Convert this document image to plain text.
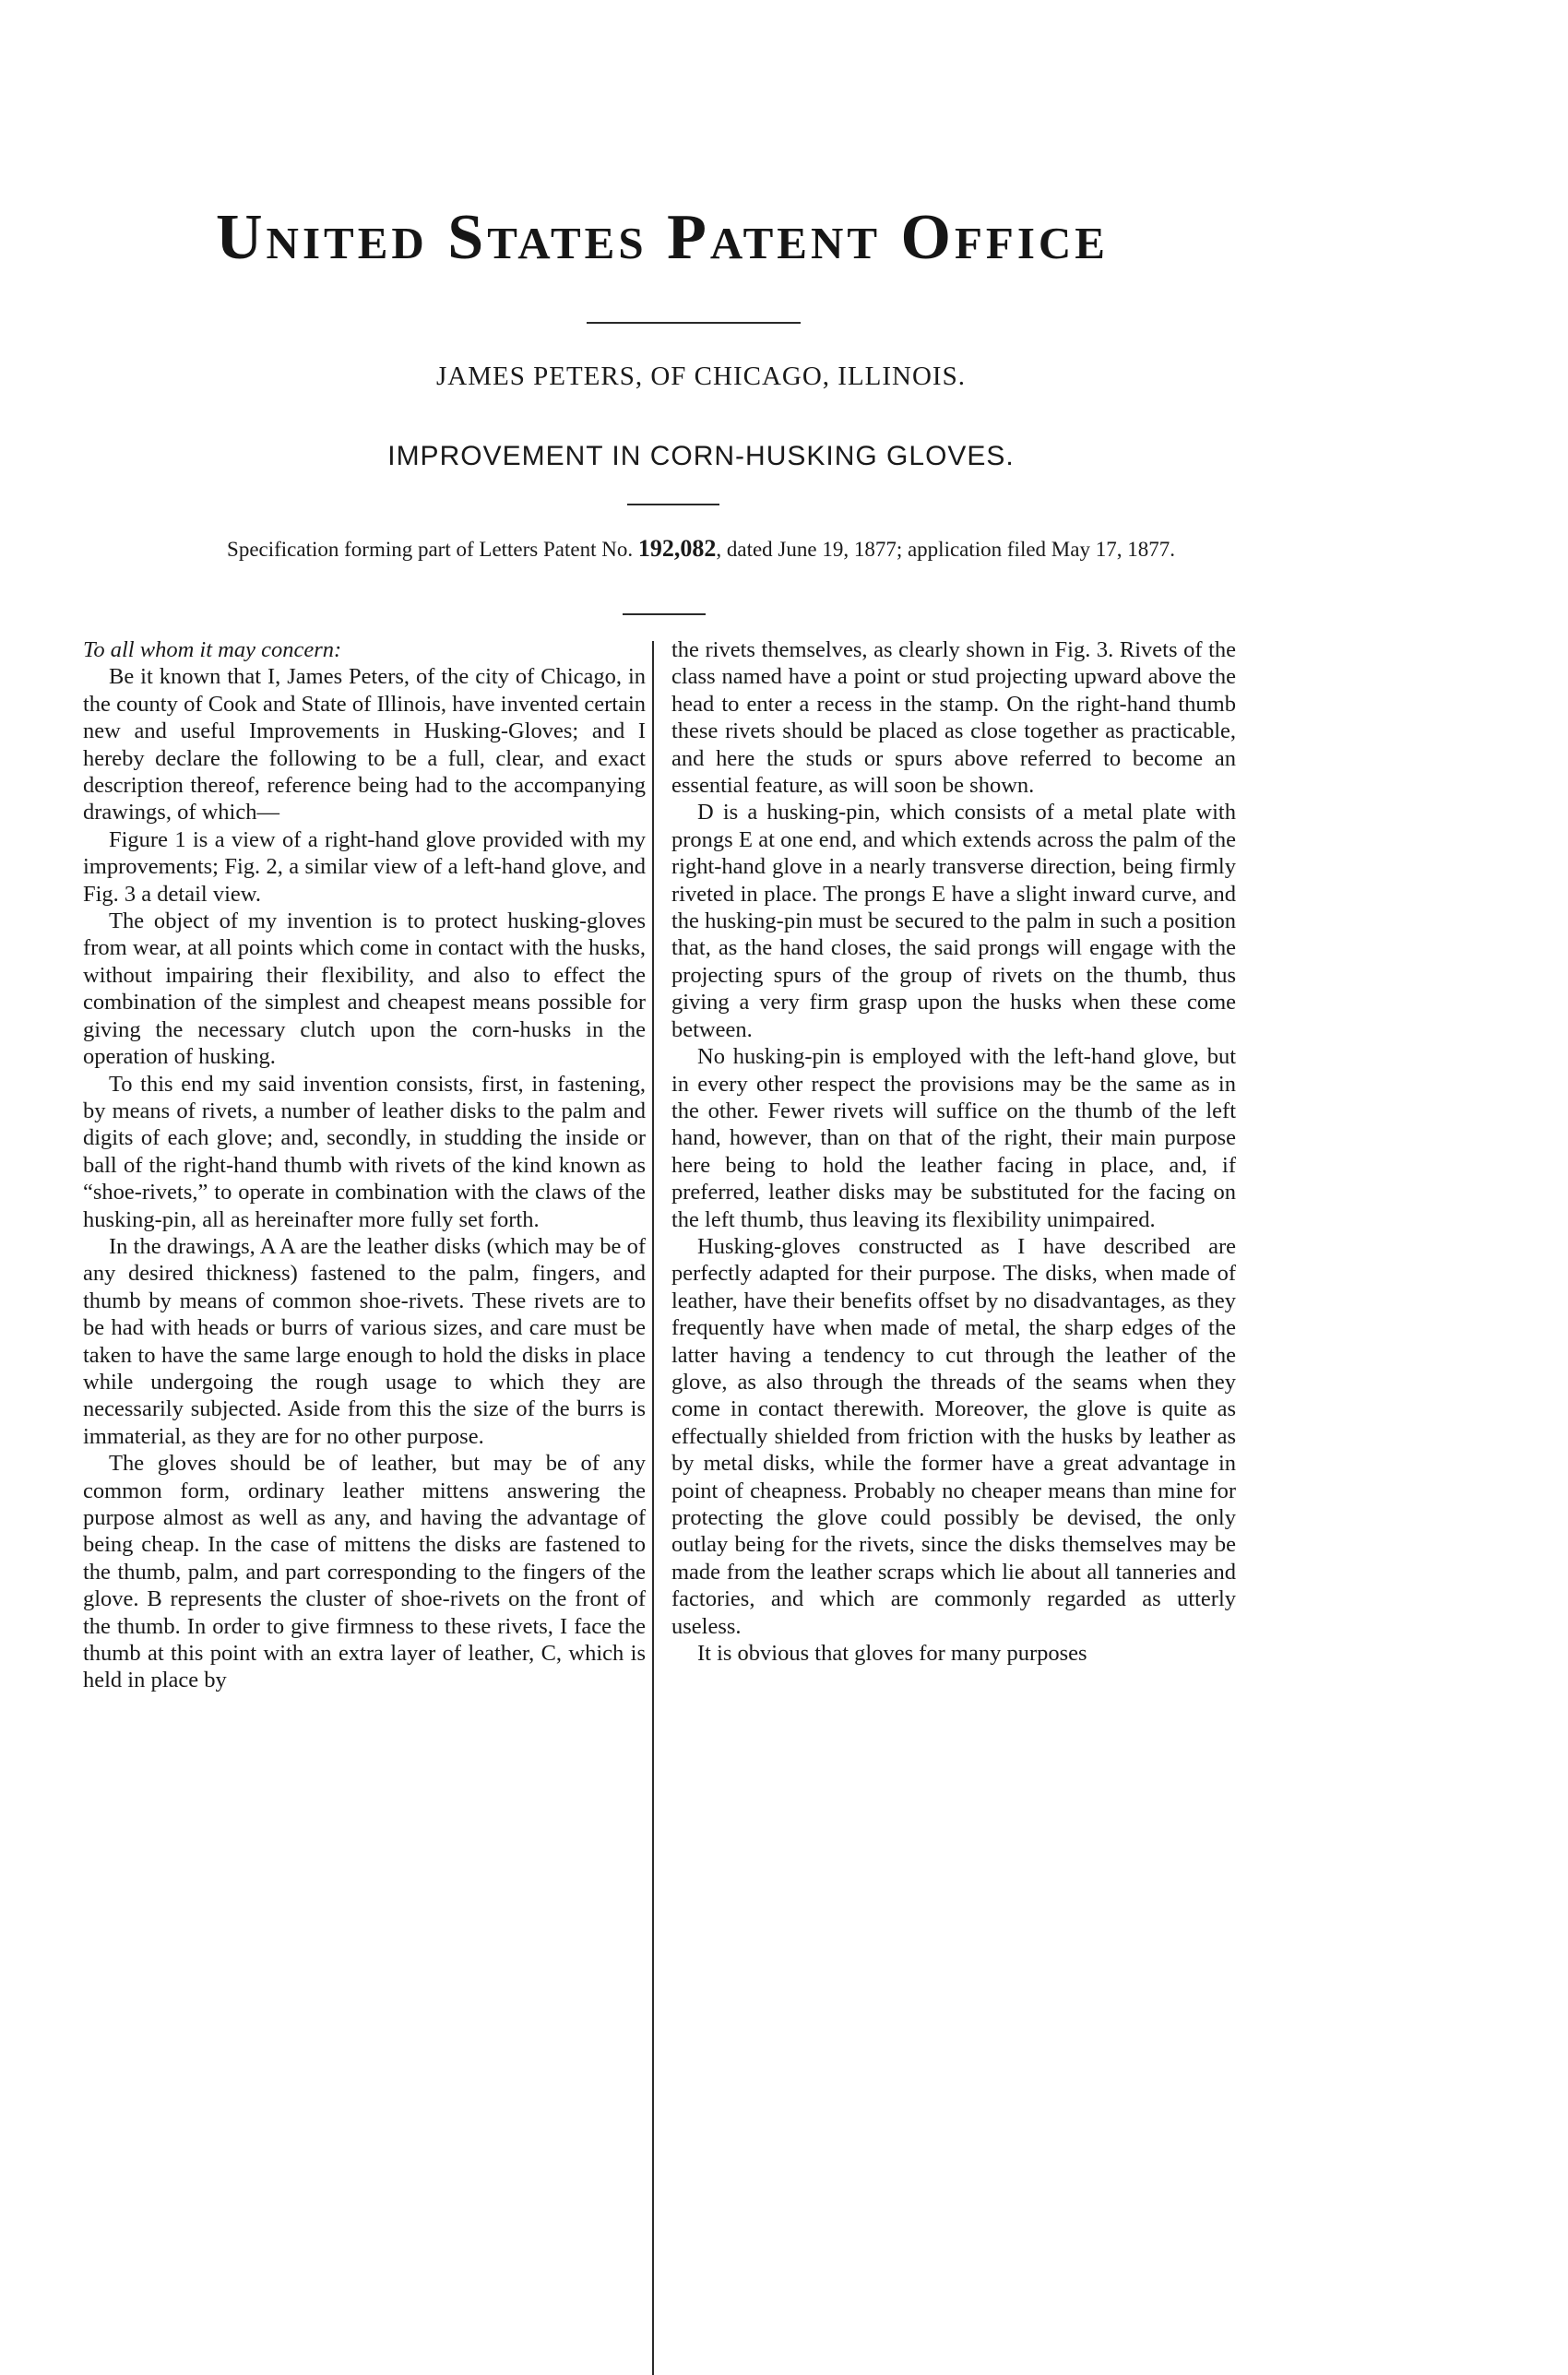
United States Patent Office
JAMES PETERS, OF CHICAGO, ILLINOIS.
IMPROVEMENT IN CORN-HUSKING GLOVES.
Specification forming part of Letters Patent No. 192,082, dated June 19, 1877; application filed May 17, 1877.

To all whom it may concern:

Be it known that I, James Peters, of the city of Chicago, in the county of Cook and State of Illinois, have invented certain new and useful Improvements in Husking-Gloves; and I hereby declare the following to be a full, clear, and exact description thereof, reference being had to the accompanying drawings, of which—

Figure 1 is a view of a right-hand glove provided with my improvements; Fig. 2, a similar view of a left-hand glove, and Fig. 3 a detail view.

The object of my invention is to protect husking-gloves from wear, at all points which come in contact with the husks, without impairing their flexibility, and also to effect the combination of the simplest and cheapest means possible for giving the necessary clutch upon the corn-husks in the operation of husking.

To this end my said invention consists, first, in fastening, by means of rivets, a number of leather disks to the palm and digits of each glove; and, secondly, in studding the inside or ball of the right-hand thumb with rivets of the kind known as “shoe-rivets,” to operate in combination with the claws of the husking-pin, all as hereinafter more fully set forth.

In the drawings, A A are the leather disks (which may be of any desired thickness) fastened to the palm, fingers, and thumb by means of common shoe-rivets. These rivets are to be had with heads or burrs of various sizes, and care must be taken to have the same large enough to hold the disks in place while undergoing the rough usage to which they are necessarily subjected. Aside from this the size of the burrs is immaterial, as they are for no other purpose.

The gloves should be of leather, but may be of any common form, ordinary leather mittens answering the purpose almost as well as any, and having the advantage of being cheap. In the case of mittens the disks are fastened to the thumb, palm, and part corresponding to the fingers of the glove. B represents the cluster of shoe-rivets on the front of the thumb. In order to give firmness to these rivets, I face the thumb at this point with an extra layer of leather, C, which is held in place by

the rivets themselves, as clearly shown in Fig. 3. Rivets of the class named have a point or stud projecting upward above the head to enter a recess in the stamp. On the right-hand thumb these rivets should be placed as close together as practicable, and here the studs or spurs above referred to become an essential feature, as will soon be shown.

D is a husking-pin, which consists of a metal plate with prongs E at one end, and which extends across the palm of the right-hand glove in a nearly transverse direction, being firmly riveted in place. The prongs E have a slight inward curve, and the husking-pin must be secured to the palm in such a position that, as the hand closes, the said prongs will engage with the projecting spurs of the group of rivets on the thumb, thus giving a very firm grasp upon the husks when these come between.

No husking-pin is employed with the left-hand glove, but in every other respect the provisions may be the same as in the other. Fewer rivets will suffice on the thumb of the left hand, however, than on that of the right, their main purpose here being to hold the leather facing in place, and, if preferred, leather disks may be substituted for the facing on the left thumb, thus leaving its flexibility unimpaired.

Husking-gloves constructed as I have described are perfectly adapted for their purpose. The disks, when made of leather, have their benefits offset by no disadvantages, as they frequently have when made of metal, the sharp edges of the latter having a tendency to cut through the leather of the glove, as also through the threads of the seams when they come in contact therewith. Moreover, the glove is quite as effectually shielded from friction with the husks by leather as by metal disks, while the former have a great advantage in point of cheapness. Probably no cheaper means than mine for protecting the glove could possibly be devised, the only outlay being for the rivets, since the disks themselves may be made from the leather scraps which lie about all tanneries and factories, and which are commonly regarded as utterly useless.

It is obvious that gloves for many purposes
